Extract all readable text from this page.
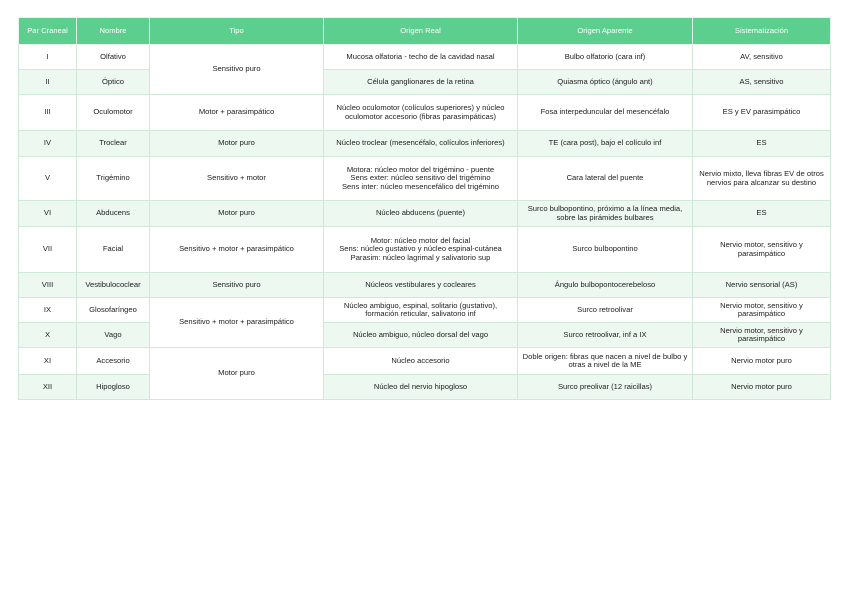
Par Craneal	Nombre	Tipo	Origen Real	Origen Aparente	Sistematización
I	Olfativo	Sensitivo puro	Mucosa olfatoria - techo de la cavidad nasal	Bulbo olfatorio (cara inf)	AV, sensitivo
II	Óptico		Célula ganglionares de la retina	Quiasma óptico (ángulo ant)	AS, sensitivo
III	Oculomotor	Motor + parasimpático	Núcleo oculomotor (colículos superiores) y núcleo oculomotor accesorio (fibras parasimpáticas)	Fosa interpeduncular del mesencéfalo	ES y EV parasimpático
IV	Troclear	Motor puro	Núcleo troclear (mesencéfalo, colículos inferiores)	TE (cara post), bajo el colículo inf	ES
V	Trigémino	Sensitivo + motor	Motora: núcleo motor del trigémino - puente
Sens exter: núcleo sensitivo del trigémino
Sens inter: núcleo mesencefálico del trigémino	Cara lateral del puente	Nervio mixto, lleva fibras EV de otros nervios para alcanzar su destino
VI	Abducens	Motor puro	Núcleo abducens (puente)	Surco bulbopontino, próximo a la línea media, sobre las pirámides bulbares	ES
VII	Facial	Sensitivo + motor + parasimpático	Motor: núcleo motor del facial
Sens: núcleo gustativo y núcleo espinal-cutánea
Parasim: núcleo lagrimal y salivatorio sup	Surco bulbopontino	Nervio motor, sensitivo y parasimpático
VIII	Vestibulococlear	Sensitivo puro	Núcleos vestibulares y cocleares	Ángulo bulbopontocerebeloso	Nervio sensorial (AS)
IX	Glosofaríngeo	Sensitivo + motor + parasimpático	Núcleo ambiguo, espinal, solitario (gustativo), formación reticular, salivatorio inf	Surco retroolivar	Nervio motor, sensitivo y parasimpático
X	Vago		Núcleo ambiguo, núcleo dorsal del vago	Surco retroolivar, inf a IX	Nervio motor, sensitivo y parasimpático
XI	Accesorio	Motor puro	Núcleo accesorio	Doble origen: fibras que nacen a nivel de bulbo y otras a nivel de la ME	Nervio motor puro
XII	Hipogloso		Núcleo del nervio hipogloso	Surco preolivar (12 raicillas)	Nervio motor puro
